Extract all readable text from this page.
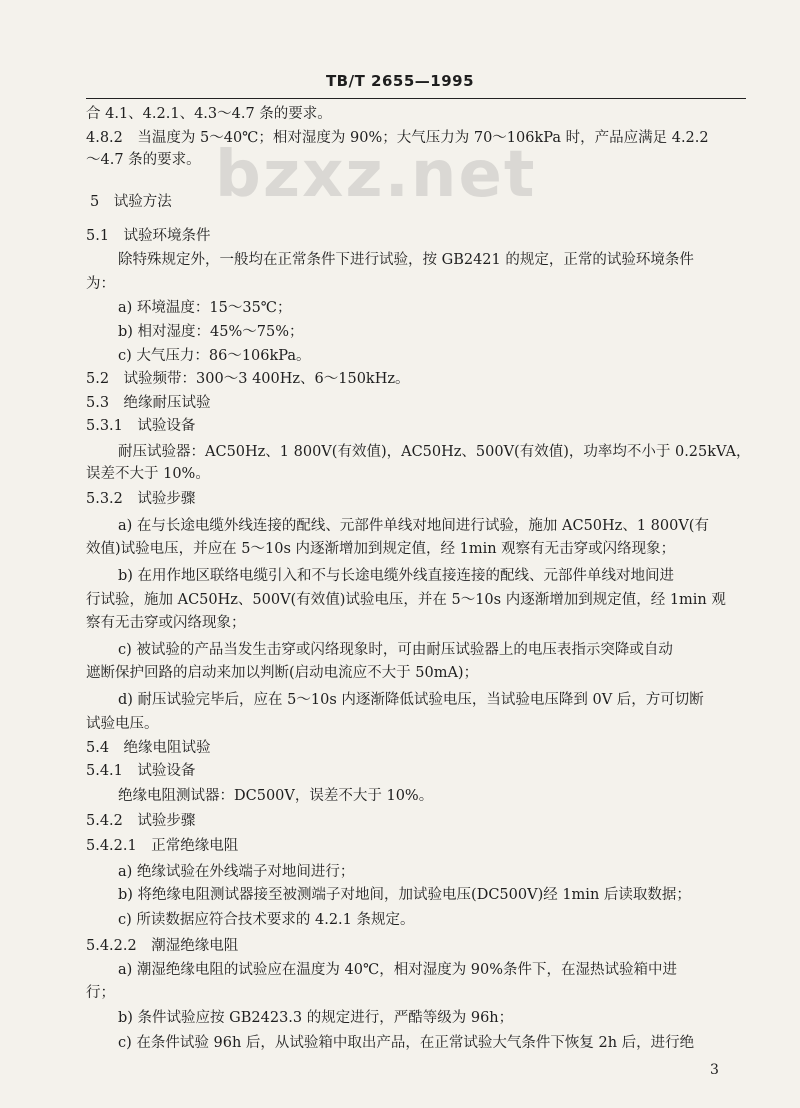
TB/T 2655—1995
bzxz.net
合 4.1、4.2.1、4.3～4.7 条的要求。
4.8.2　当温度为 5～40℃；相对湿度为 90%；大气压力为 70～106kPa 时，产品应满足 4.2.2
～4.7 条的要求。
5　试验方法
5.1　试验环境条件
除特殊规定外，一般均在正常条件下进行试验，按 GB2421 的规定，正常的试验环境条件
为：
a) 环境温度：15～35℃；
b) 相对湿度：45%～75%；
c) 大气压力：86～106kPa。
5.2　试验频带：300～3 400Hz、6～150kHz。
5.3　绝缘耐压试验
5.3.1　试验设备
耐压试验器：AC50Hz、1 800V(有效值)，AC50Hz、500V(有效值)，功率均不小于 0.25kVA，
误差不大于 10%。
5.3.2　试验步骤
a) 在与长途电缆外线连接的配线、元部件单线对地间进行试验，施加 AC50Hz、1 800V(有
效值)试验电压，并应在 5～10s 内逐渐增加到规定值，经 1min 观察有无击穿或闪络现象；
b) 在用作地区联络电缆引入和不与长途电缆外线直接连接的配线、元部件单线对地间进
行试验，施加 AC50Hz、500V(有效值)试验电压，并在 5～10s 内逐渐增加到规定值，经 1min 观
察有无击穿或闪络现象；
c) 被试验的产品当发生击穿或闪络现象时，可由耐压试验器上的电压表指示突降或自动
遮断保护回路的启动来加以判断(启动电流应不大于 50mA)；
d) 耐压试验完毕后，应在 5～10s 内逐渐降低试验电压，当试验电压降到 0V 后，方可切断
试验电压。
5.4　绝缘电阻试验
5.4.1　试验设备
绝缘电阻测试器：DC500V，误差不大于 10%。
5.4.2　试验步骤
5.4.2.1　正常绝缘电阻
a) 绝缘试验在外线端子对地间进行；
b) 将绝缘电阻测试器接至被测端子对地间，加试验电压(DC500V)经 1min 后读取数据；
c) 所读数据应符合技术要求的 4.2.1 条规定。
5.4.2.2　潮湿绝缘电阻
a) 潮湿绝缘电阻的试验应在温度为 40℃，相对湿度为 90%条件下，在湿热试验箱中进
行；
b) 条件试验应按 GB2423.3 的规定进行，严酷等级为 96h；
c) 在条件试验 96h 后，从试验箱中取出产品，在正常试验大气条件下恢复 2h 后，进行绝
3
